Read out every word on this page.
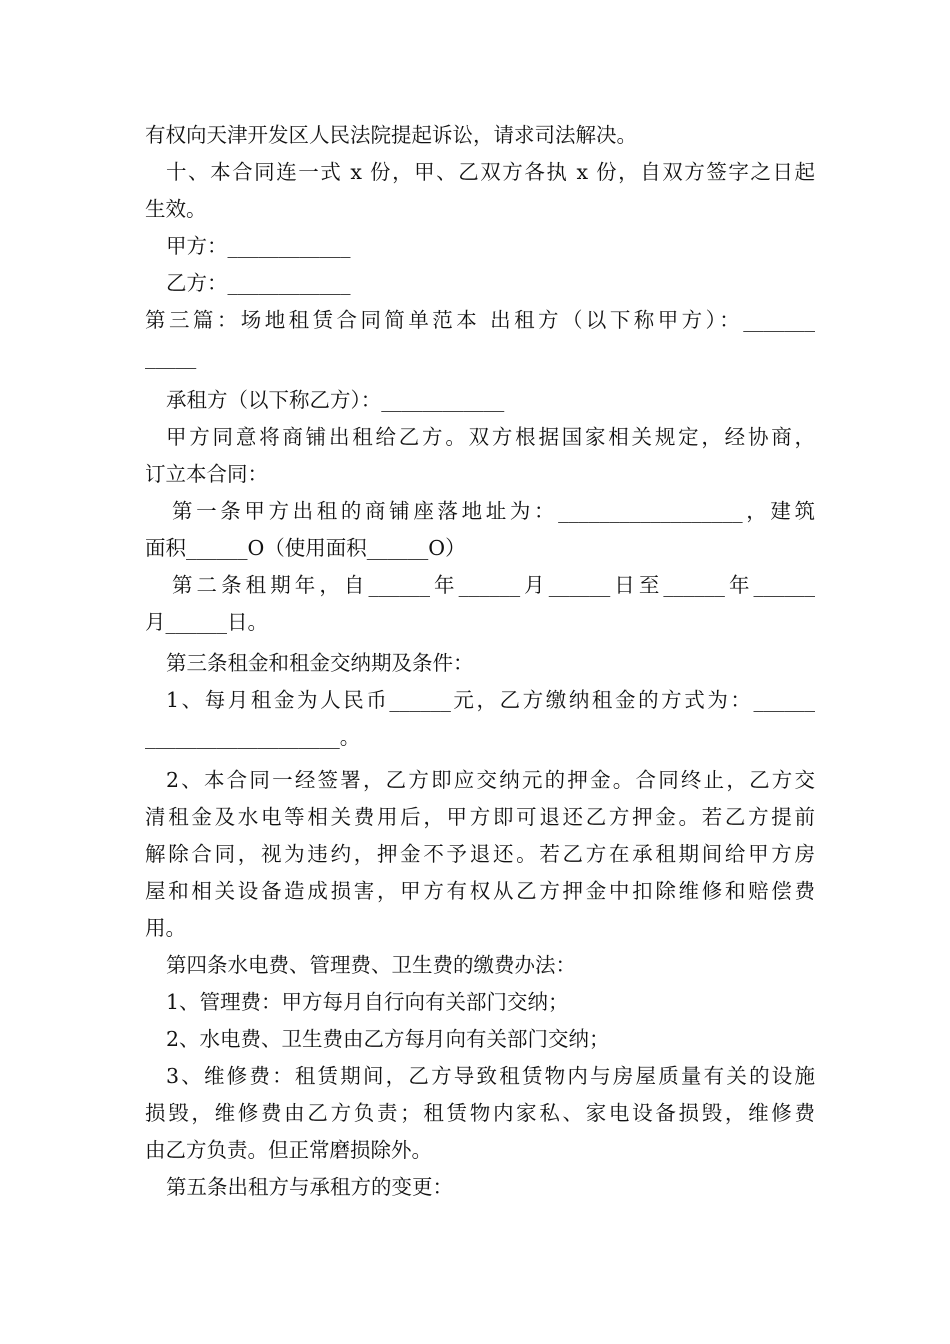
有权向天津开发区人民法院提起诉讼，请求司法解决。
十、本合同连一式 x 份，甲、乙双方各执 x 份，自双方签字之日起
生效。
甲方：____________
乙方：____________
第三篇：场地租赁合同简单范本 出租方（以下称甲方）：_______
_____
承租方（以下称乙方）：____________
甲方同意将商铺出租给乙方。双方根据国家相关规定，经协商，
订立本合同：
第一条甲方出租的商铺座落地址为：__________________，建筑
面积______O（使用面积______O）
第二条租期年，自______年______月______日至______年______
月______日。
第三条租金和租金交纳期及条件：
1、每月租金为人民币______元，乙方缴纳租金的方式为：______
___________________。
2、本合同一经签署，乙方即应交纳元的押金。合同终止，乙方交
清租金及水电等相关费用后，甲方即可退还乙方押金。若乙方提前
解除合同，视为违约，押金不予退还。若乙方在承租期间给甲方房
屋和相关设备造成损害，甲方有权从乙方押金中扣除维修和赔偿费
用。
第四条水电费、管理费、卫生费的缴费办法：
1、管理费：甲方每月自行向有关部门交纳；
2、水电费、卫生费由乙方每月向有关部门交纳；
3、维修费：租赁期间，乙方导致租赁物内与房屋质量有关的设施
损毁，维修费由乙方负责；租赁物内家私、家电设备损毁，维修费
由乙方负责。但正常磨损除外。
第五条出租方与承租方的变更：
